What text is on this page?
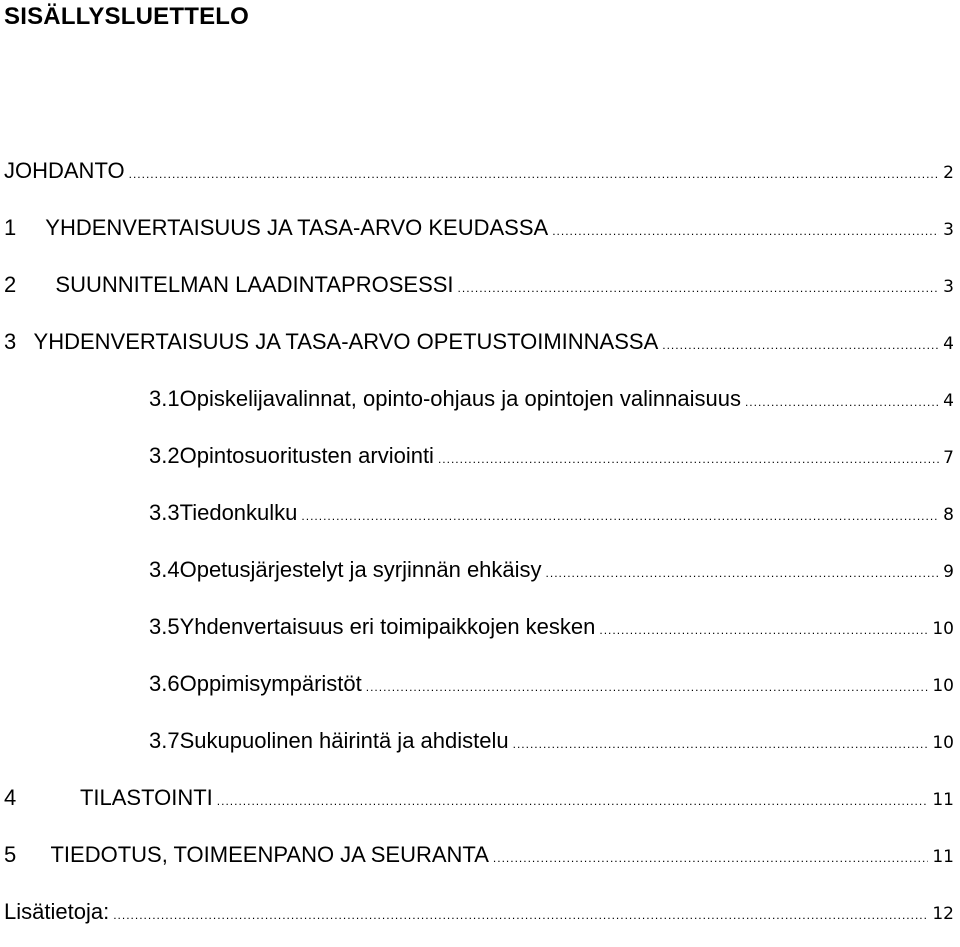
SISÄLLYSLUETTELO
JOHDANTO .....	2
1	YHDENVERTAISUUS JA TASA-ARVO KEUDASSA .....	3
2	SUUNNITELMAN LAADINTAPROSESSI .....	3
3 YHDENVERTAISUUS JA TASA-ARVO OPETUSTOIMINNASSA .....	4
3.1 Opiskelijavalinnat, opinto-ohjaus ja opintojen valinnaisuus .....	4
3.2 Opintosuoritusten arviointi .....	7
3.3 Tiedonkulku .....	8
3.4 Opetusjärjestelyt ja syrjinnän ehkäisy .....	9
3.5 Yhdenvertaisuus eri toimipaikkojen kesken .....	10
3.6 Oppimisympäristöt .....	10
3.7 Sukupuolinen häirintä ja ahdistelu .....	10
4	TILASTOINTI .....	11
5	TIEDOTUS, TOIMEENPANO JA SEURANTA .....	11
Lisätietoja: .....	12
